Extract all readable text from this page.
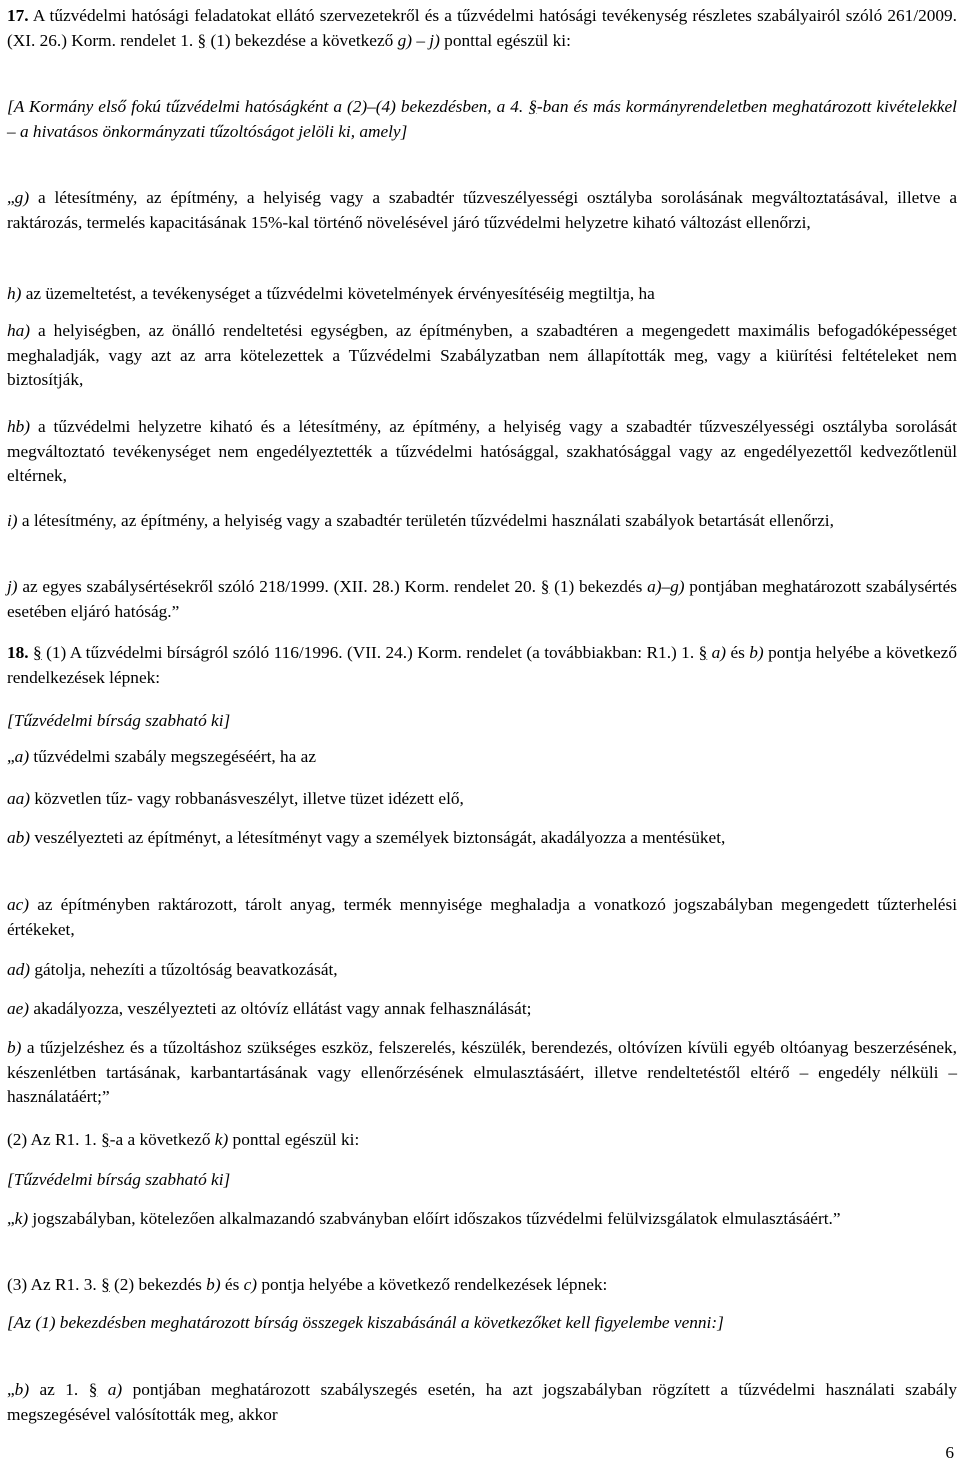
17. A tűzvédelmi hatósági feladatokat ellátó szervezetekről és a tűzvédelmi hatósági tevékenység részletes szabályairól szóló 261/2009. (XI. 26.) Korm. rendelet 1. § (1) bekezdése a következő g) – j) ponttal egészül ki:

[A Kormány első fokú tűzvédelmi hatóságként a (2)–(4) bekezdésben, a 4. §-ban és más kormányrendeletben meghatározott kivételekkel – a hivatásos önkormányzati tűzoltóságot jelöli ki, amely]

„g) a létesítmény, az építmény, a helyiség vagy a szabadtér tűzveszélyességi osztályba sorolásának megváltoztatásával, illetve a raktározás, termelés kapacitásának 15%-kal történő növelésével járó tűzvédelmi helyzetre kiható változást ellenőrzi,

h) az üzemeltetést, a tevékenységet a tűzvédelmi követelmények érvényesítéséig megtiltja, ha

ha) a helyiségben, az önálló rendeltetési egységben, az építményben, a szabadtéren a megengedett maximális befogadóképességet meghaladják, vagy azt az arra kötelezettek a Tűzvédelmi Szabályzatban nem állapították meg, vagy a kiürítési feltételeket nem biztosítják,

hb) a tűzvédelmi helyzetre kiható és a létesítmény, az építmény, a helyiség vagy a szabadtér tűzveszélyességi osztályba sorolását megváltoztató tevékenységet nem engedélyeztették a tűzvédelmi hatósággal, szakhatósággal vagy az engedélyezettől kedvezőtlenül eltérnek,

i) a létesítmény, az építmény, a helyiség vagy a szabadtér területén tűzvédelmi használati szabályok betartását ellenőrzi,

j) az egyes szabálysértésekről szóló 218/1999. (XII. 28.) Korm. rendelet 20. § (1) bekezdés a)–g) pontjában meghatározott szabálysértés esetében eljáró hatóság.”

18. § (1) A tűzvédelmi bírságról szóló 116/1996. (VII. 24.) Korm. rendelet (a továbbiakban: R1.) 1. § a) és b) pontja helyébe a következő rendelkezések lépnek:

[Tűzvédelmi bírság szabható ki]

„a) tűzvédelmi szabály megszegéséért, ha az

aa) közvetlen tűz- vagy robbanásveszélyt, illetve tüzet idézett elő,

ab) veszélyezteti az építményt, a létesítményt vagy a személyek biztonságát, akadályozza a mentésüket,

ac) az építményben raktározott, tárolt anyag, termék mennyisége meghaladja a vonatkozó jogszabályban megengedett tűzterhelési értékeket,

ad) gátolja, nehezíti a tűzoltóság beavatkozását,

ae) akadályozza, veszélyezteti az oltóvíz ellátást vagy annak felhasználását;

b) a tűzjelzéshez és a tűzoltáshoz szükséges eszköz, felszerelés, készülék, berendezés, oltóvízen kívüli egyéb oltóanyag beszerzésének, készenlétben tartásának, karbantartásának vagy ellenőrzésének elmulasztásáért, illetve rendeltetéstől eltérő – engedély nélküli – használatáért;”

(2) Az R1. 1. §-a a következő k) ponttal egészül ki:

[Tűzvédelmi bírság szabható ki]

„k) jogszabályban, kötelezően alkalmazandó szabványban előírt időszakos tűzvédelmi felülvizsgálatok elmulasztásáért.”

(3) Az R1. 3. § (2) bekezdés b) és c) pontja helyébe a következő rendelkezések lépnek:

[Az (1) bekezdésben meghatározott bírság összegek kiszabásánál a következőket kell figyelembe venni:]

„b) az 1. § a) pontjában meghatározott szabályszegés esetén, ha azt jogszabályban rögzített a tűzvédelmi használati szabály megszegésével valósították meg, akkor

6
